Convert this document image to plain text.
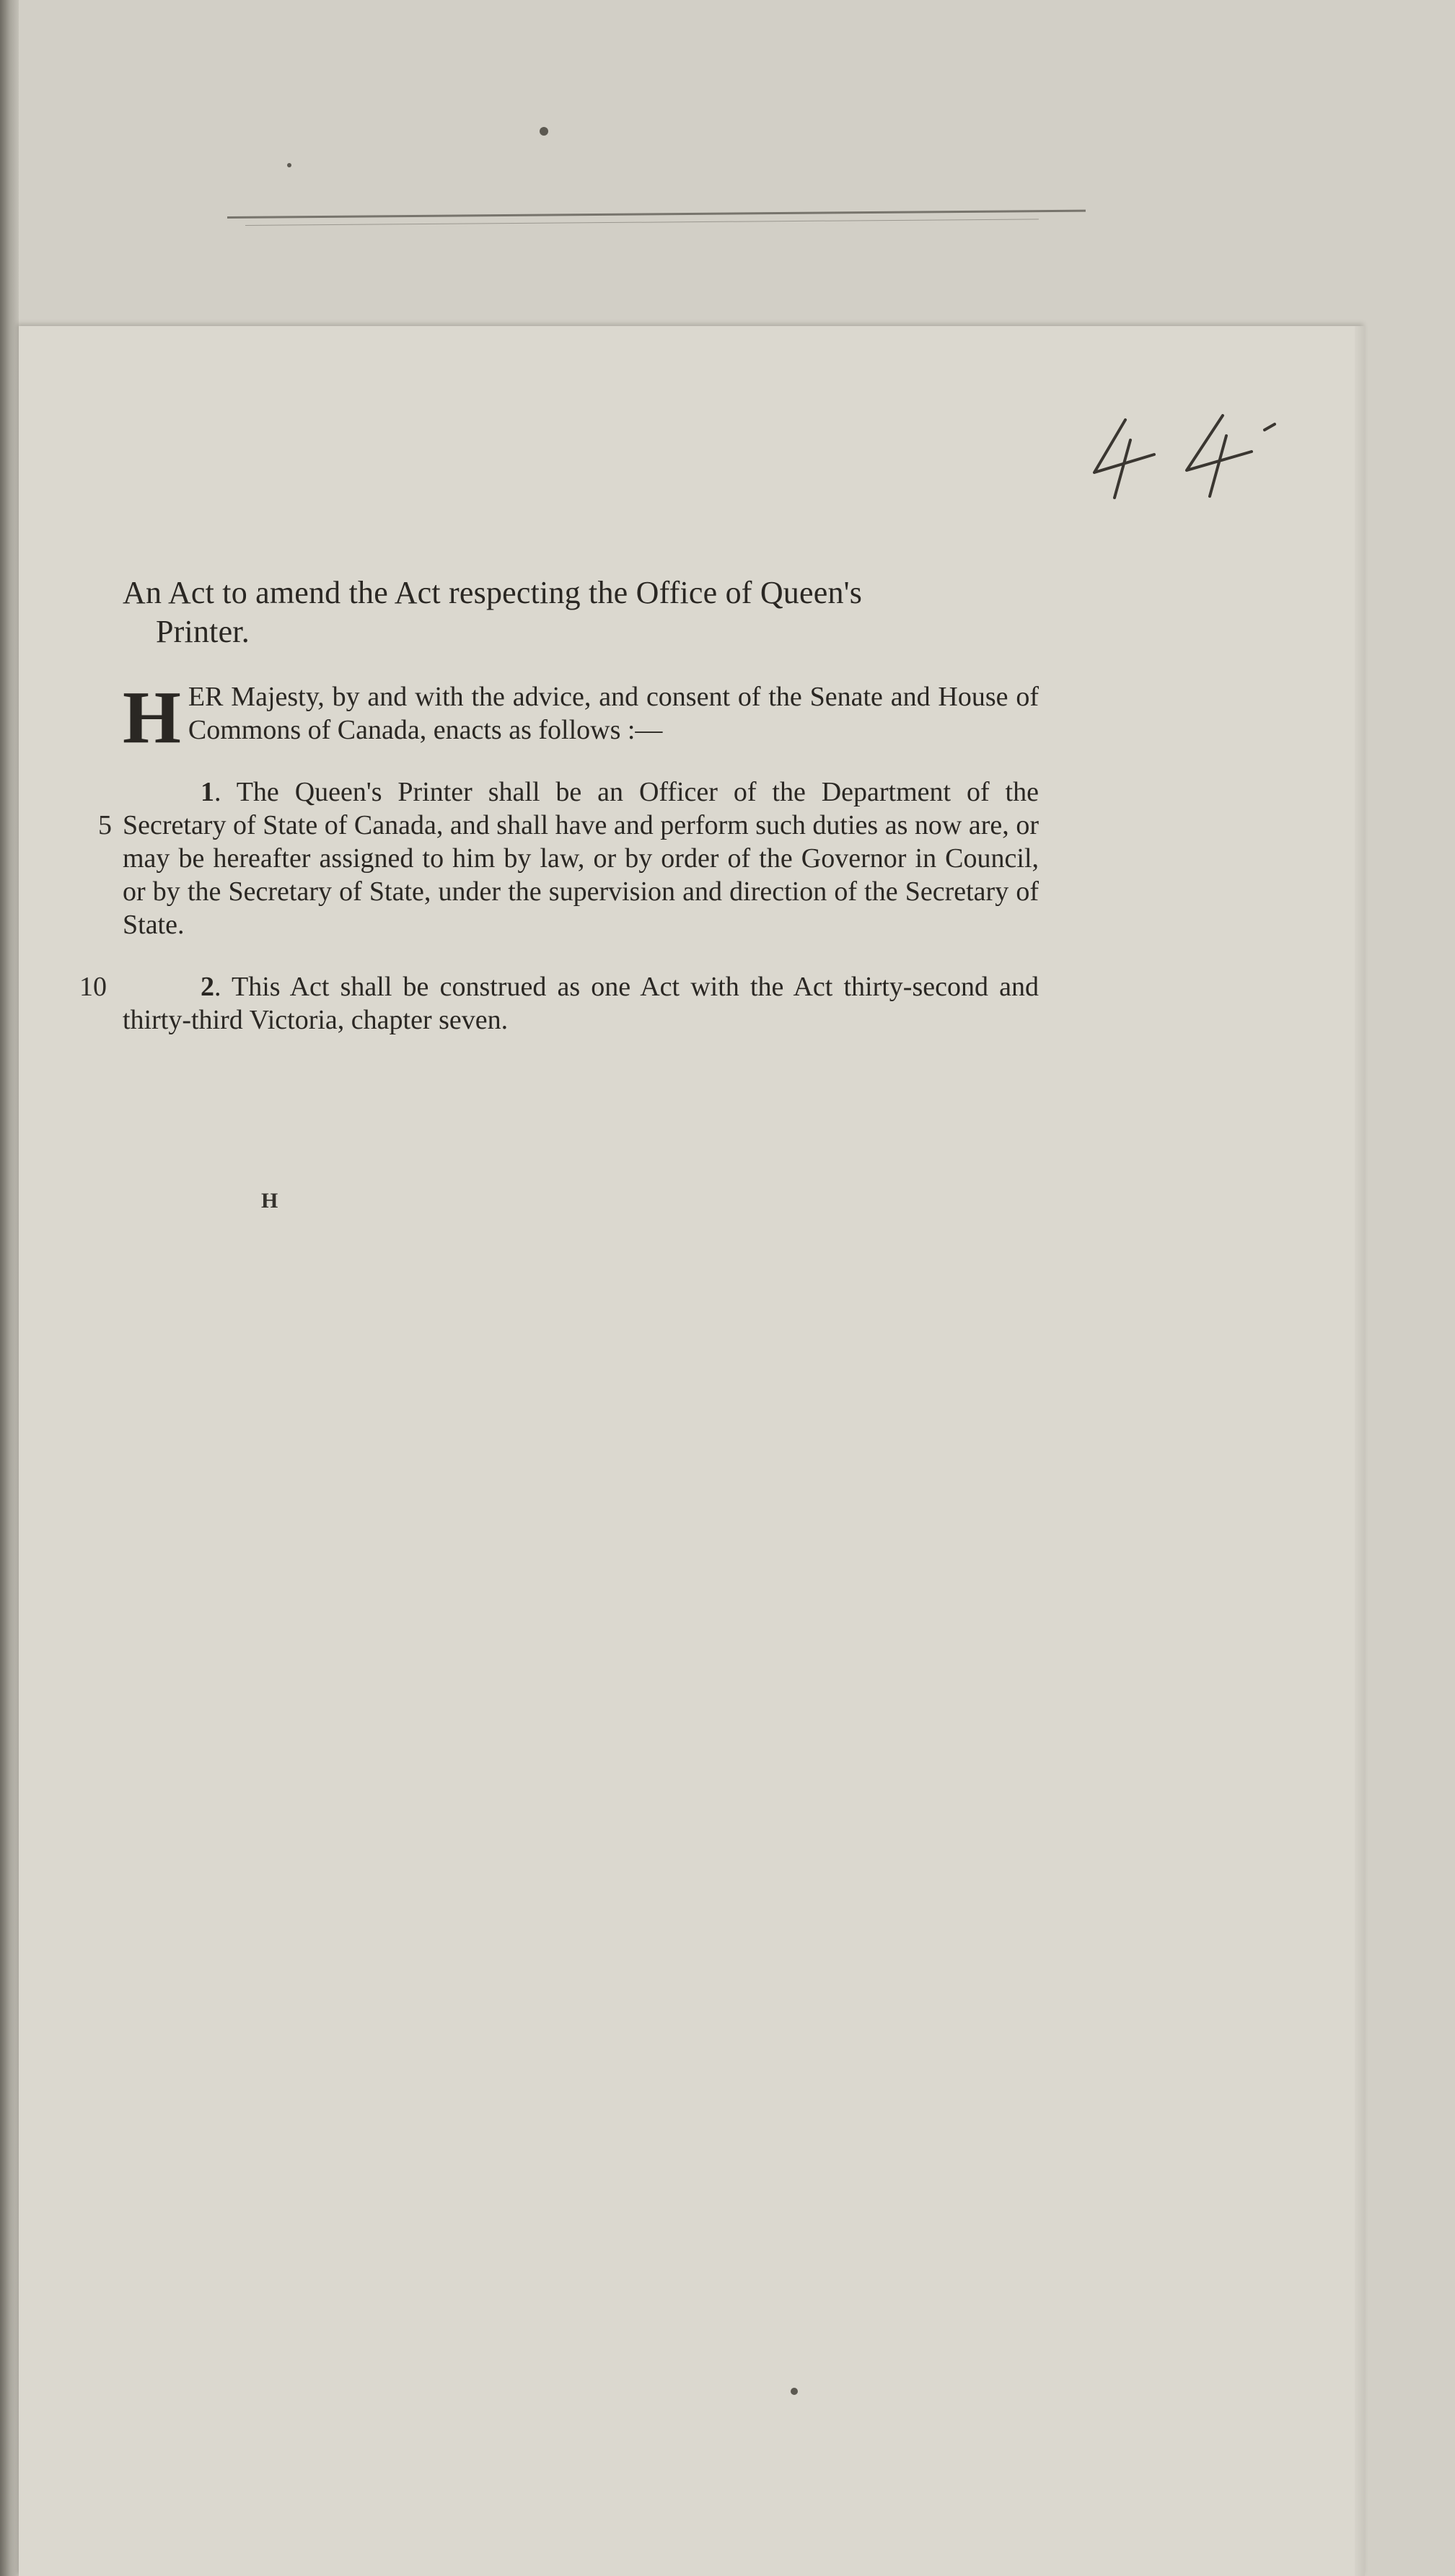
An Act to amend the Act respecting the Office of Queen's
Printer.
H ER Majesty, by and with the advice, and consent of the Senate and House of Commons of Canada, enacts as follows :—
5
1. The Queen's Printer shall be an Officer of the Department of the Secretary of State of Canada, and shall have and perform such duties as now are, or may be hereafter assigned to him by law, or by order of the Governor in Council, or by the Secretary of State, under the supervision and direction of the Secretary of State.
10	2. This Act shall be construed as one Act with the Act thirty-second and thirty-third Victoria, chapter seven.
H
